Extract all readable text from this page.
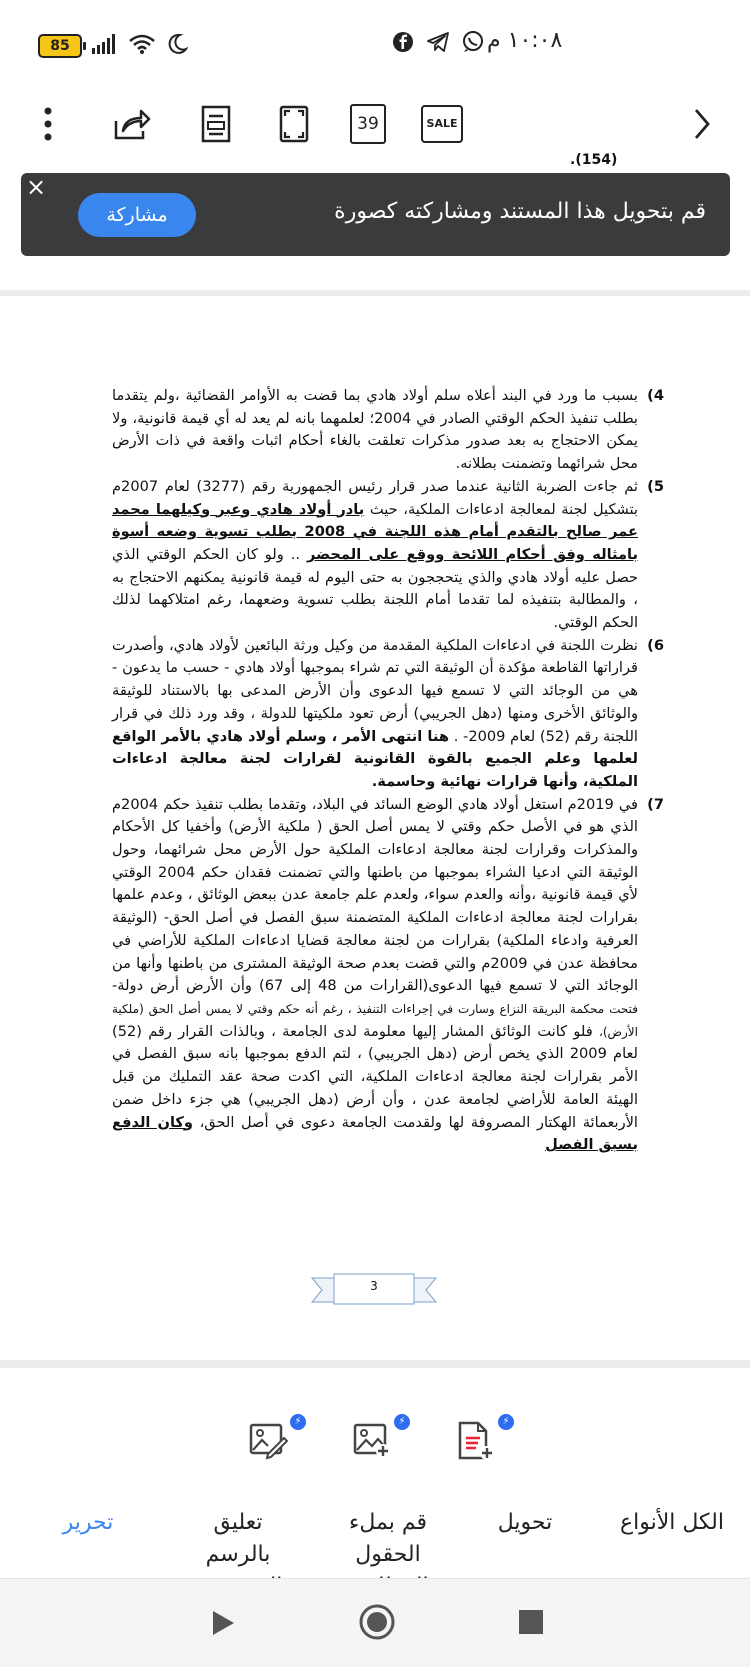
85	١٠:٠٨ م
39	SALE
(154).
×
مشاركة	قم بتحويل هذا المستند ومشاركته كصورة
4)

بسبب ما ورد في البند أعلاه سلم أولاد هادي بما قضت به الأوامر القضائية ،ولم يتقدما بطلب تنفيذ الحكم الوقتي الصادر في 2004؛ لعلمهما بانه لم يعد له أي قيمة قانونية، ولا يمكن الاحتجاج به بعد صدور مذكرات تعلقت بالغاء أحكام اثبات واقعة في ذات الأرض محل شرائهما وتضمنت بطلانه.

5)

ثم جاءت الضربة الثانية عندما صدر قرار رئيس الجمهورية رقم (3277) لعام 2007م بتشكيل لجنة لمعالجة ادعاءات الملكية، حيث بادر أولاد هادي وعبر وكيلهما محمد عمر صالح بالتقدم أمام هذه اللجنة في 2008 بطلب تسوية وضعه أسوة بامثاله وفق أحكام اللائحة ووقع على المحضر .. ولو كان الحكم الوقتي الذي حصل عليه أولاد هادي والذي يتحججون به حتى اليوم له قيمة قانونية يمكنهم الاحتجاج به ، والمطالبة بتنفيذه لما تقدما أمام اللجنة بطلب تسوية وضعهما، رغم امتلاكهما لذلك الحكم الوقتي.

6)

نظرت اللجنة في ادعاءات الملكية المقدمة من وكيل ورثة البائعين لأولاد هادي، وأصدرت قراراتها القاطعة مؤكدة أن الوثيقة التي تم شراء بموجبها أولاد هادي - حسب ما يدعون - هي من الوجائد التي لا تسمع فيها الدعوى وأن الأرض المدعى بها بالاستناد للوثيقة والوثائق الأخرى ومنها (دهل الجريبي) أرض تعود ملكيتها للدولة ، وقد ورد ذلك في قرار اللجنة رقم (52) لعام 2009- . هنا انتهى الأمر ، وسلم أولاد هادي بالأمر الواقع لعلمها وعلم الجميع بالقوة القانونية لقرارات لجنة معالجة ادعاءات الملكية، وأنها قرارات نهائية وحاسمة.

7)

في 2019م استغل أولاد هادي الوضع السائد في البلاد، وتقدما بطلب تنفيذ حكم 2004م الذي هو في الأصل حكم وقتي لا يمس أصل الحق ( ملكية الأرض) وأخفيا كل الأحكام والمذكرات وقرارات لجنة معالجة ادعاءات الملكية حول الأرض محل شرائهما، وحول الوثيقة التي ادعيا الشراء بموجبها من باطنها والتي تضمنت فقدان حكم 2004 الوقتي لأي قيمة قانونية ،وأنه والعدم سواء، ولعدم علم جامعة عدن ببعض الوثائق ، وعدم علمها بقرارات لجنة معالجة ادعاءات الملكية المتضمنة سبق الفصل في أصل الحق- (الوثيقة العرفية وادعاء الملكية) بقرارات من لجنة معالجة قضايا ادعاءات الملكية للأراضي في محافظة عدن في 2009م والتي قضت بعدم صحة الوثيقة المشترى من باطنها وأنها من الوجائد التي لا تسمع فيها الدعوى(القرارات من 48 إلى 67) وأن الأرض أرض دولة- فتحت محكمة البريقة النزاع وسارت في إجراءات التنفيذ ، رغم أنه حكم وقتي لا يمس أصل الحق (ملكية الأرض)، فلو كانت الوثائق المشار إليها معلومة لدى الجامعة ، وبالذات القرار رقم (52) لعام 2009 الذي يخص أرض (دهل الجريبي) ، لتم الدفع بموجبها بانه سبق الفصل في الأمر بقرارات لجنة معالجة ادعاءات الملكية، التي اكدت صحة عقد التمليك من قبل الهيئة العامة للأراضي لجامعة عدن ، وأن أرض (دهل الجريبي) هي جزء داخل ضمن الأربعمائة الهكتار المصروفة لها ولقدمت الجامعة دعوى في أصل الحق، وكان الدفع بسبق الفصل

3
⚡	⚡	⚡
الكل الأنواع
تحويل
قم بملء الحقول
تعليق بالرسم
تحرير
